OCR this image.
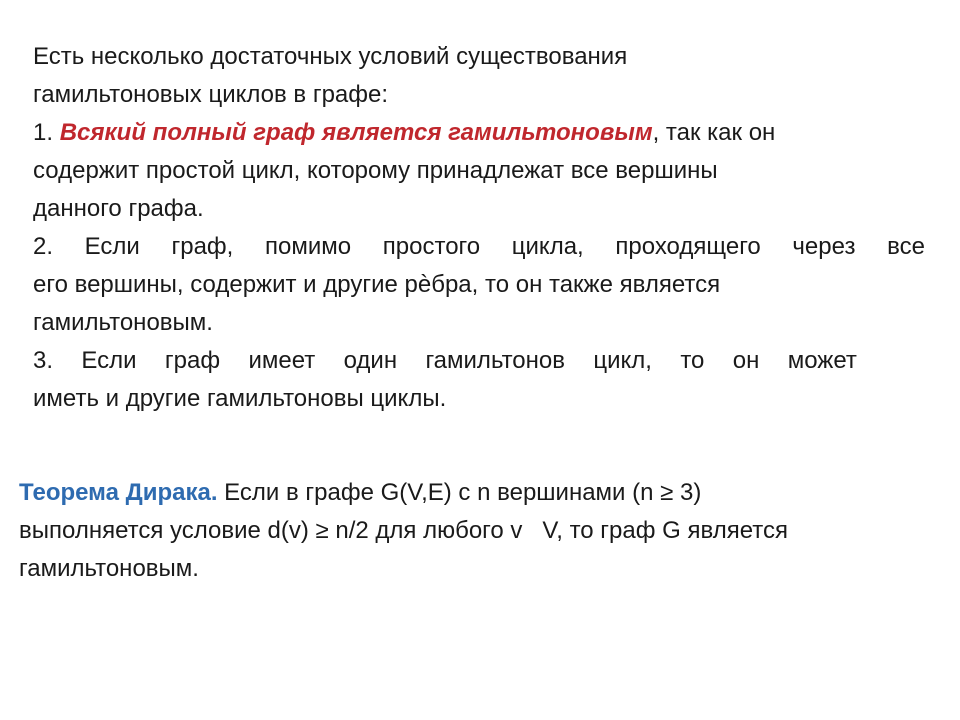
Есть несколько достаточных условий существования
гамильтоновых циклов в графе:
1. Всякий полный граф является гамильтоновым, так как он
содержит простой цикл, которому принадлежат все вершины
данного графа.
2. Если граф, помимо простого цикла, проходящего через все
его вершины, содержит и другие рѐбра, то он также является
гамильтоновым.
3. Если граф имеет один гамильтонов цикл, то он может
иметь и другие гамильтоновы циклы.
Теорема Дирака. Если в графе G(V,E) с n вершинами (n ≥ 3)
выполняется условие d(v) ≥ n/2 для любого v V, то граф G является
гамильтоновым.
